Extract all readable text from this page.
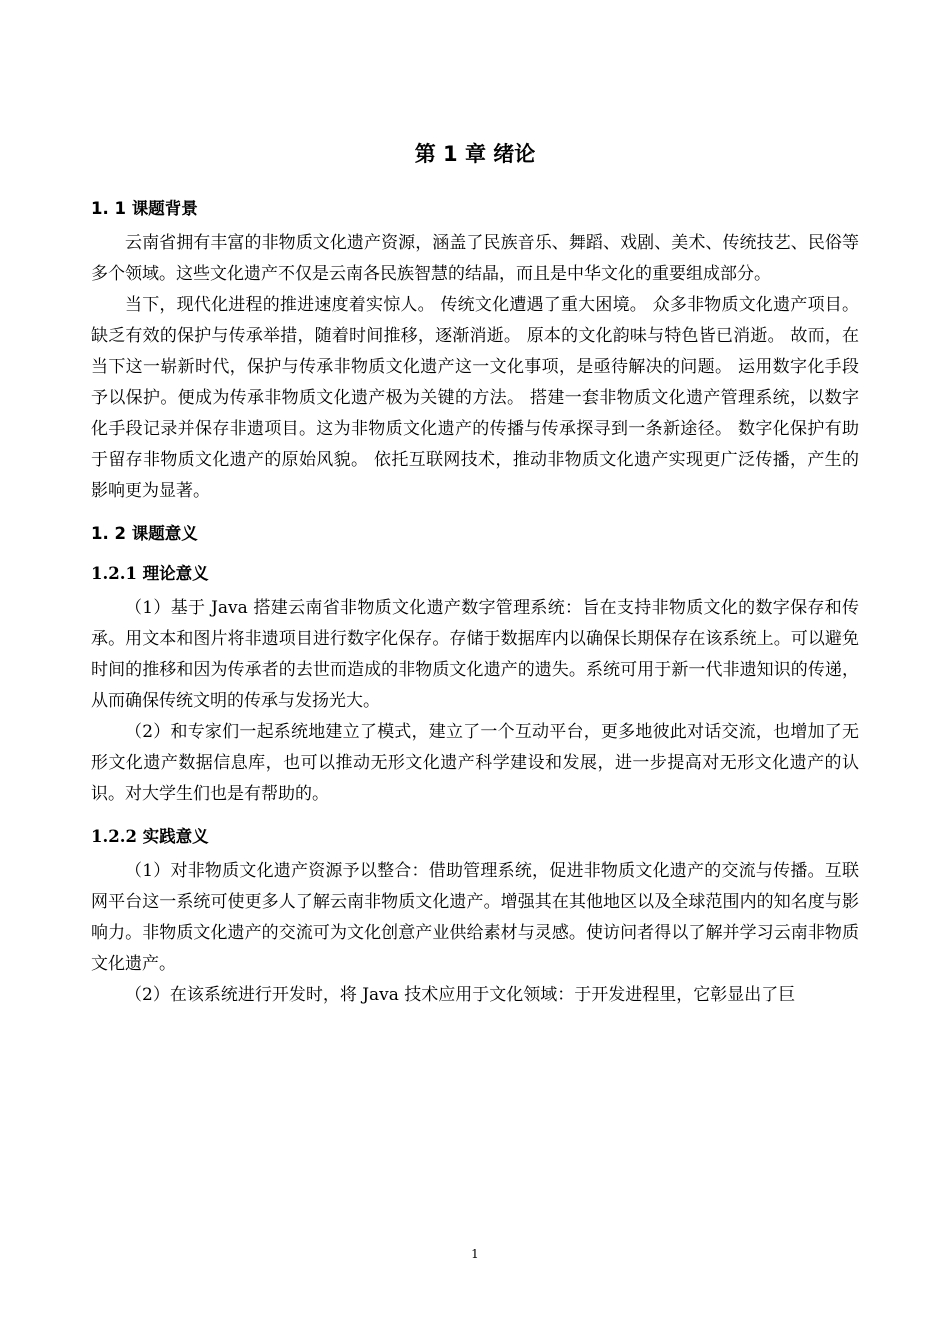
第 1 章 绪论
1. 1 课题背景

云南省拥有丰富的非物质文化遗产资源，涵盖了民族音乐、舞蹈、戏剧、美术、传统技艺、民俗等多个领域。这些文化遗产不仅是云南各民族智慧的结晶，而且是中华文化的重要组成部分。

当下，现代化进程的推进速度着实惊人。 传统文化遭遇了重大困境。 众多非物质文化遗产项目。缺乏有效的保护与传承举措，随着时间推移，逐渐消逝。 原本的文化韵味与特色皆已消逝。 故而，在当下这一崭新时代，保护与传承非物质文化遗产这一文化事项，是亟待解决的问题。 运用数字化手段予以保护。便成为传承非物质文化遗产极为关键的方法。 搭建一套非物质文化遗产管理系统，以数字化手段记录并保存非遗项目。这为非物质文化遗产的传播与传承探寻到一条新途径。 数字化保护有助于留存非物质文化遗产的原始风貌。 依托互联网技术，推动非物质文化遗产实现更广泛传播，产生的影响更为显著。

1. 2 课题意义
1.2.1 理论意义

（1）基于 Java 搭建云南省非物质文化遗产数字管理系统：旨在支持非物质文化的数字保存和传承。用文本和图片将非遗项目进行数字化保存。存储于数据库内以确保长期保存在该系统上。可以避免时间的推移和因为传承者的去世而造成的非物质文化遗产的遗失。系统可用于新一代非遗知识的传递，从而确保传统文明的传承与发扬光大。

（2）和专家们一起系统地建立了模式，建立了一个互动平台，更多地彼此对话交流，也增加了无形文化遗产数据信息库，也可以推动无形文化遗产科学建设和发展，进一步提高对无形文化遗产的认识。对大学生们也是有帮助的。

1.2.2 实践意义

（1）对非物质文化遗产资源予以整合：借助管理系统，促进非物质文化遗产的交流与传播。互联网平台这一系统可使更多人了解云南非物质文化遗产。增强其在其他地区以及全球范围内的知名度与影响力。非物质文化遗产的交流可为文化创意产业供给素材与灵感。使访问者得以了解并学习云南非物质文化遗产。

（2）在该系统进行开发时，将 Java 技术应用于文化领域：于开发进程里，它彰显出了巨

1
